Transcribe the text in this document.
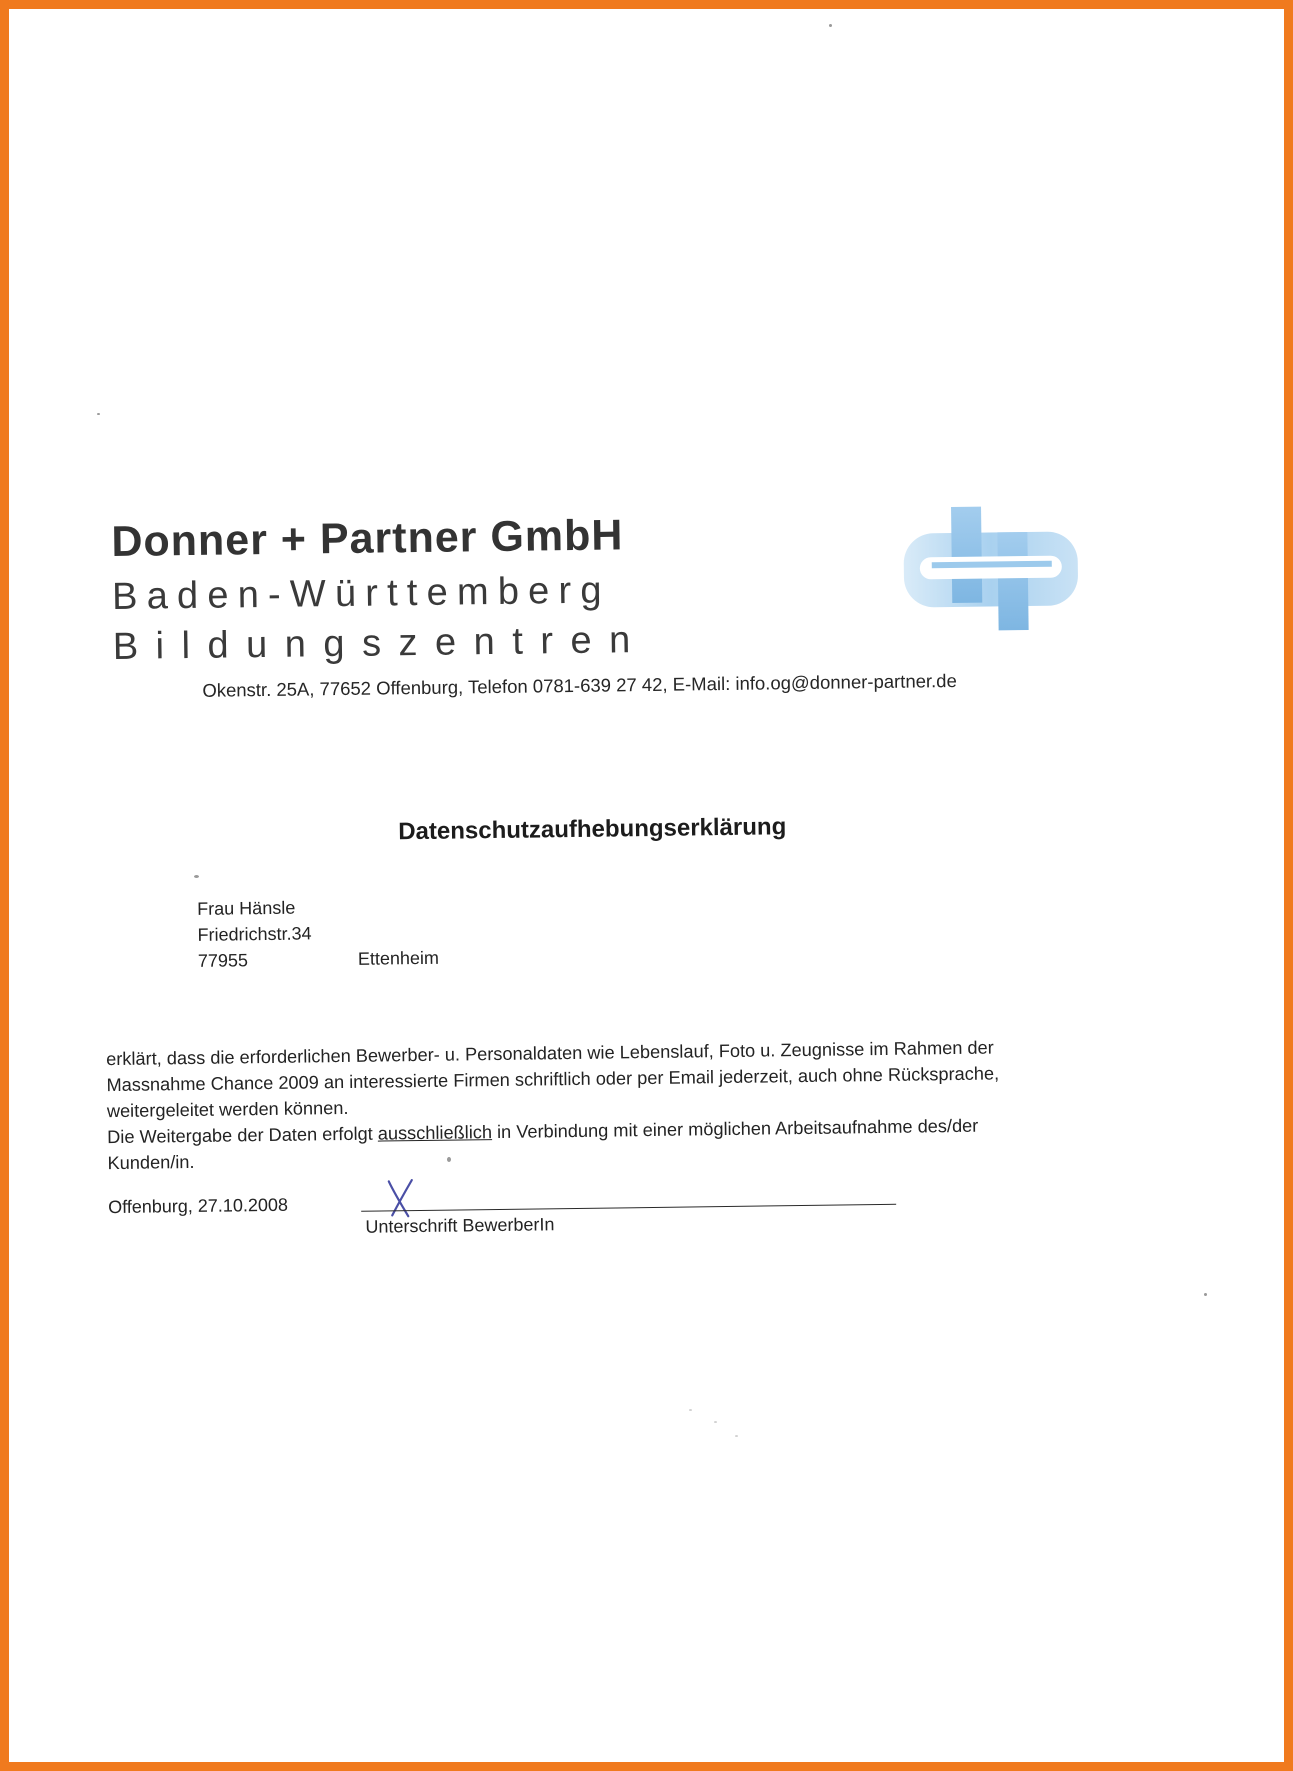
Donner + Partner GmbH
Baden-Württemberg
Bildungszentren
Okenstr. 25A, 77652 Offenburg, Telefon 0781-639 27 42, E-Mail: info.og@donner-partner.de
Datenschutzaufhebungserklärung
Frau Hänsle
Friedrichstr.34
77955	Ettenheim
erklärt, dass die erforderlichen Bewerber- u. Personaldaten wie Lebenslauf, Foto u. Zeugnisse im Rahmen der
Massnahme Chance 2009 an interessierte Firmen schriftlich oder per Email jederzeit, auch ohne Rücksprache,
weitergeleitet werden können.
Die Weitergabe der Daten erfolgt ausschließlich in Verbindung mit einer möglichen Arbeitsaufnahme des/der
Kunden/in.
Offenburg, 27.10.2008
Unterschrift BewerberIn
